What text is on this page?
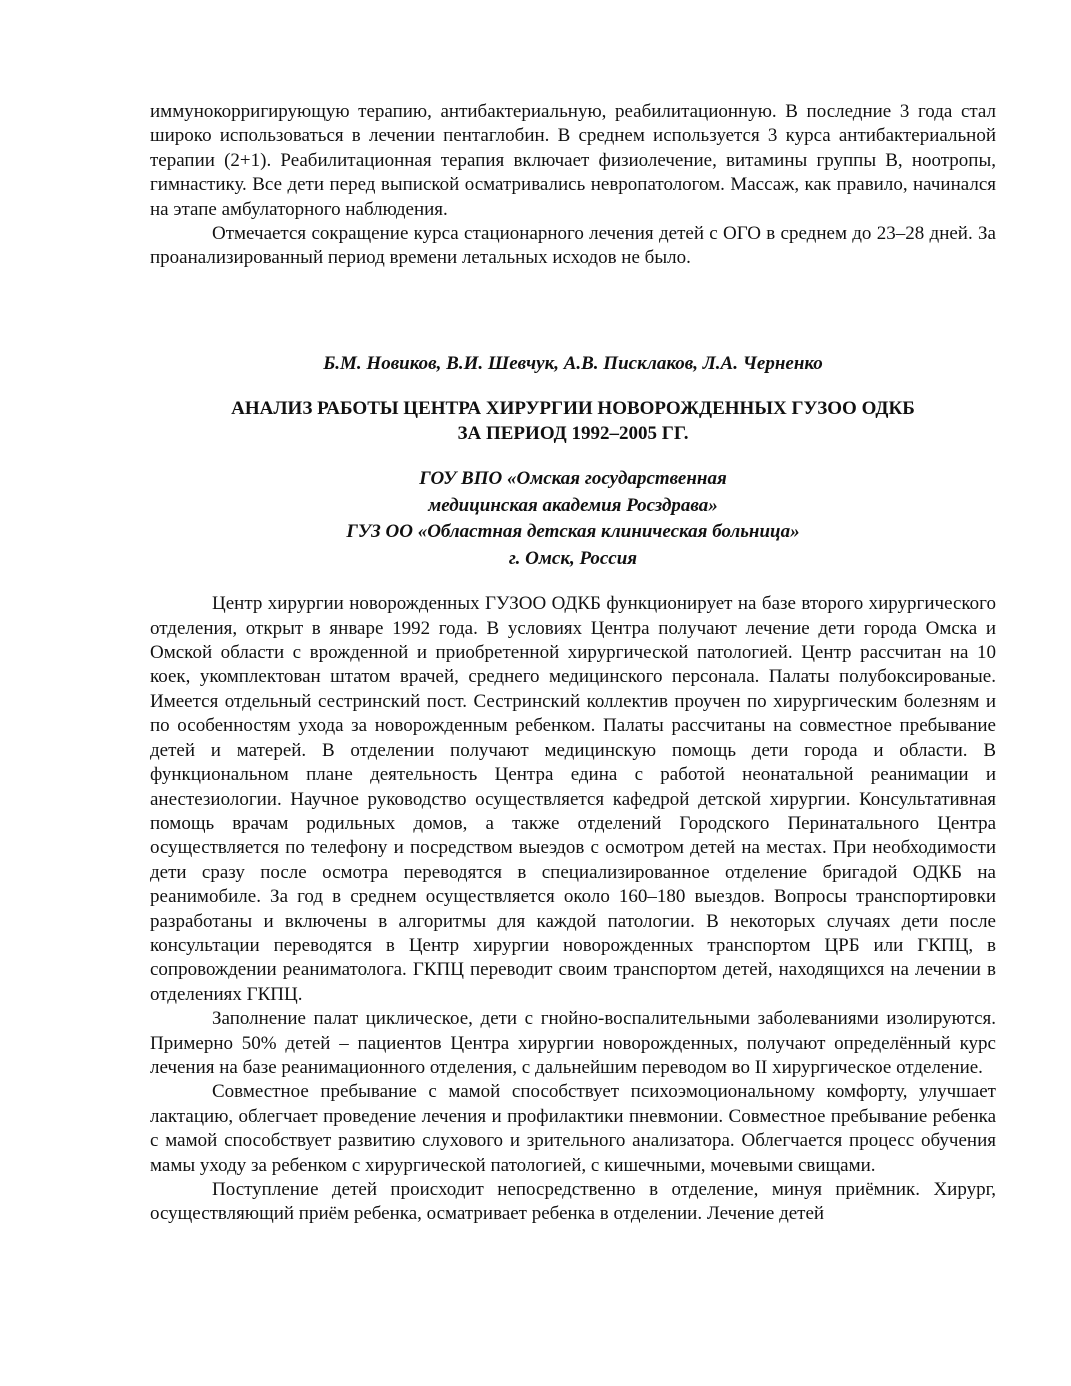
иммунокорригирующую терапию, антибактериальную, реабилитационную. В последние 3 года стал широко использоваться в лечении пентаглобин. В среднем используется 3 курса антибактериальной терапии (2+1). Реабилитационная терапия включает физиолечение, витамины группы В, ноотропы, гимнастику. Все дети перед выпиской осматривались невропатологом. Массаж, как правило, начинался на этапе амбулаторного наблюдения.

Отмечается сокращение курса стационарного лечения детей с ОГО в среднем до 23–28 дней. За проанализированный период времени летальных исходов не было.

Б.М. Новиков, В.И. Шевчук, А.В. Писклаков, Л.А. Черненко
АНАЛИЗ РАБОТЫ ЦЕНТРА ХИРУРГИИ НОВОРОЖДЕННЫХ ГУЗОО ОДКБ
ЗА ПЕРИОД 1992–2005 ГГ.
ГОУ ВПО «Омская государственная
медицинская академия Росздрава»
ГУЗ ОО «Областная детская клиническая больница»
г. Омск, Россия

Центр хирургии новорожденных ГУЗОО ОДКБ функционирует на базе второго хирургического отделения, открыт в январе 1992 года. В условиях Центра получают лечение дети города Омска и Омской области с врожденной и приобретенной хирургической патологией. Центр рассчитан на 10 коек, укомплектован штатом врачей, среднего медицинского персонала. Палаты полубоксированые. Имеется отдельный сестринский пост. Сестринский коллектив проучен по хирургическим болезням и по особенностям ухода за новорожденным ребенком. Палаты рассчитаны на совместное пребывание детей и матерей. В отделении получают медицинскую помощь дети города и области. В функциональном плане деятельность Центра едина с работой неонатальной реанимации и анестезиологии. Научное руководство осуществляется кафедрой детской хирургии. Консультативная помощь врачам родильных домов, а также отделений Городского Перинатального Центра осуществляется по телефону и посредством выеэдов с осмотром детей на местах. При необходимости дети сразу после осмотра переводятся в специализированное отделение бригадой ОДКБ на реанимобиле. За год в среднем осуществляется около 160–180 выездов. Вопросы транспортировки разработаны и включены в алгоритмы для каждой патологии. В некоторых случаях дети после консультации переводятся в Центр хирургии новорожденных транспортом ЦРБ или ГКПЦ, в сопровождении реаниматолога. ГКПЦ переводит своим транспортом детей, находящихся на лечении в отделениях ГКПЦ.

Заполнение палат циклическое, дети с гнойно-воспалительными заболеваниями изолируются. Примерно 50% детей – пациентов Центра хирургии новорожденных, получают определённый курс лечения на базе реанимационного отделения, с дальнейшим переводом во II хирургическое отделение.

Совместное пребывание с мамой способствует психоэмоциональному комфорту, улучшает лактацию, облегчает проведение лечения и профилактики пневмонии. Совместное пребывание ребенка с мамой способствует развитию слухового и зрительного анализатора. Облегчается процесс обучения мамы уходу за ребенком с хирургической патологией, с кишечными, мочевыми свищами.

Поступление детей происходит непосредственно в отделение, минуя приёмник. Хирург, осуществляющий приём ребенка, осматривает ребенка в отделении. Лечение детей
